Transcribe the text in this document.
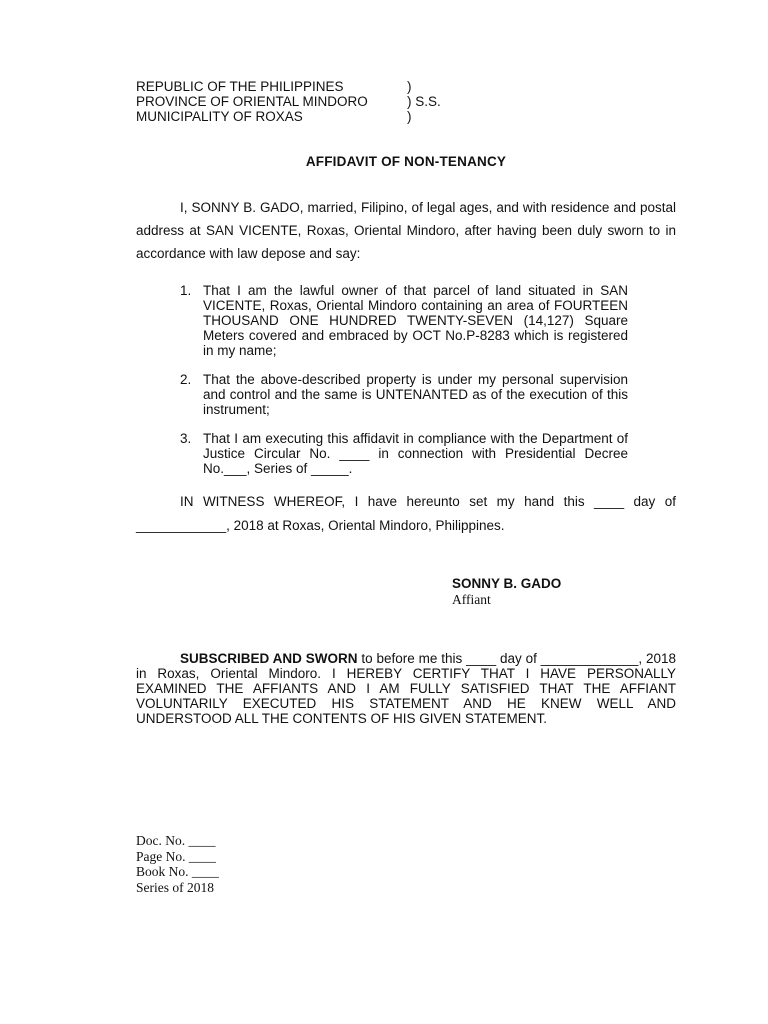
REPUBLIC OF THE PHILIPPINES	)
PROVINCE OF ORIENTAL MINDORO	) S.S.
MUNICIPALITY OF ROXAS	)
AFFIDAVIT OF NON-TENANCY

I, SONNY B. GADO, married, Filipino, of legal ages, and with residence and postal address at SAN VICENTE, Roxas, Oriental Mindoro, after having been duly sworn to in accordance with law depose and say:

1. That I am the lawful owner of that parcel of land situated in SAN VICENTE, Roxas, Oriental Mindoro containing an area of FOURTEEN THOUSAND ONE HUNDRED TWENTY-SEVEN (14,127) Square Meters covered and embraced by OCT No.P-8283 which is registered in my name;
2. That the above-described property is under my personal supervision and control and the same is UNTENANTED as of the execution of this instrument;
3. That I am executing this affidavit in compliance with the Department of Justice Circular No. ____ in connection with Presidential Decree No.___, Series of _____.

IN WITNESS WHEREOF, I have hereunto set my hand this ____ day of ____________, 2018 at Roxas, Oriental Mindoro, Philippines.

SONNY B. GADO
Affiant

SUBSCRIBED AND SWORN to before me this ____ day of _____________, 2018 in Roxas, Oriental Mindoro. I HEREBY CERTIFY THAT I HAVE PERSONALLY EXAMINED THE AFFIANTS AND I AM FULLY SATISFIED THAT THE AFFIANT VOLUNTARILY EXECUTED HIS STATEMENT AND HE KNEW WELL AND UNDERSTOOD ALL THE CONTENTS OF HIS GIVEN STATEMENT.

Doc. No. ____
Page No. ____
Book No. ____
Series of 2018
